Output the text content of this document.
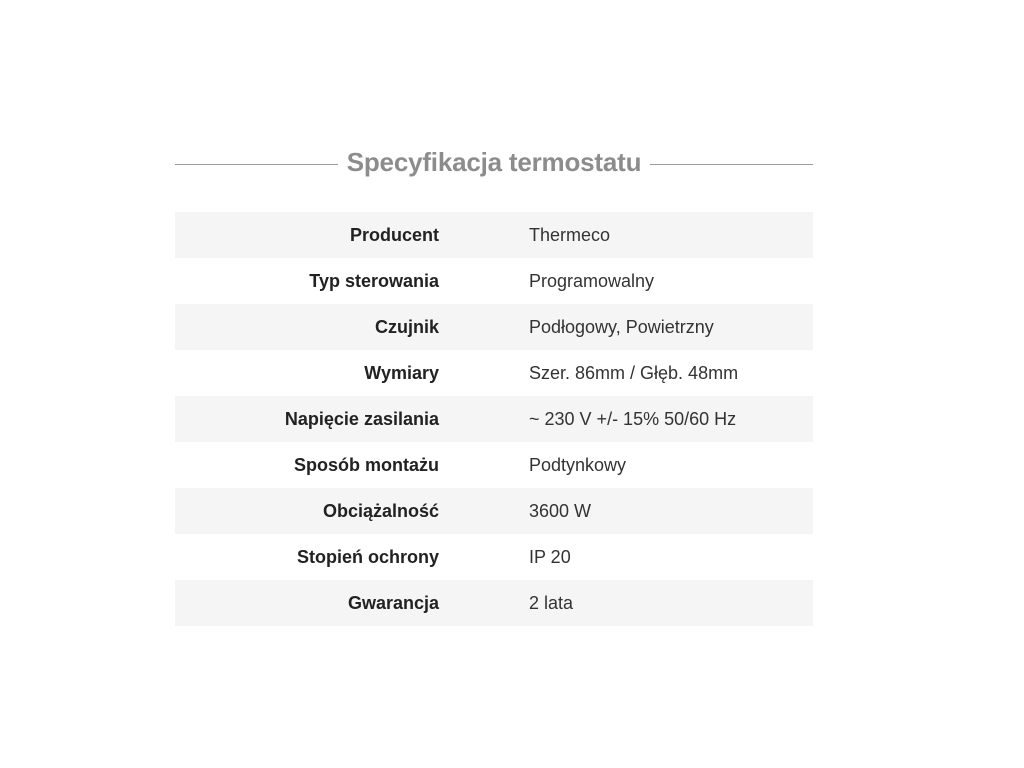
Specyfikacja termostatu
Producent		Thermeco
Typ sterowania		Programowalny
Czujnik		Podłogowy, Powietrzny
Wymiary		Szer. 86mm / Głęb. 48mm
Napięcie zasilania		~ 230 V +/- 15% 50/60 Hz
Sposób montażu		Podtynkowy
Obciążalność		3600 W
Stopień ochrony		IP 20
Gwarancja		2 lata
